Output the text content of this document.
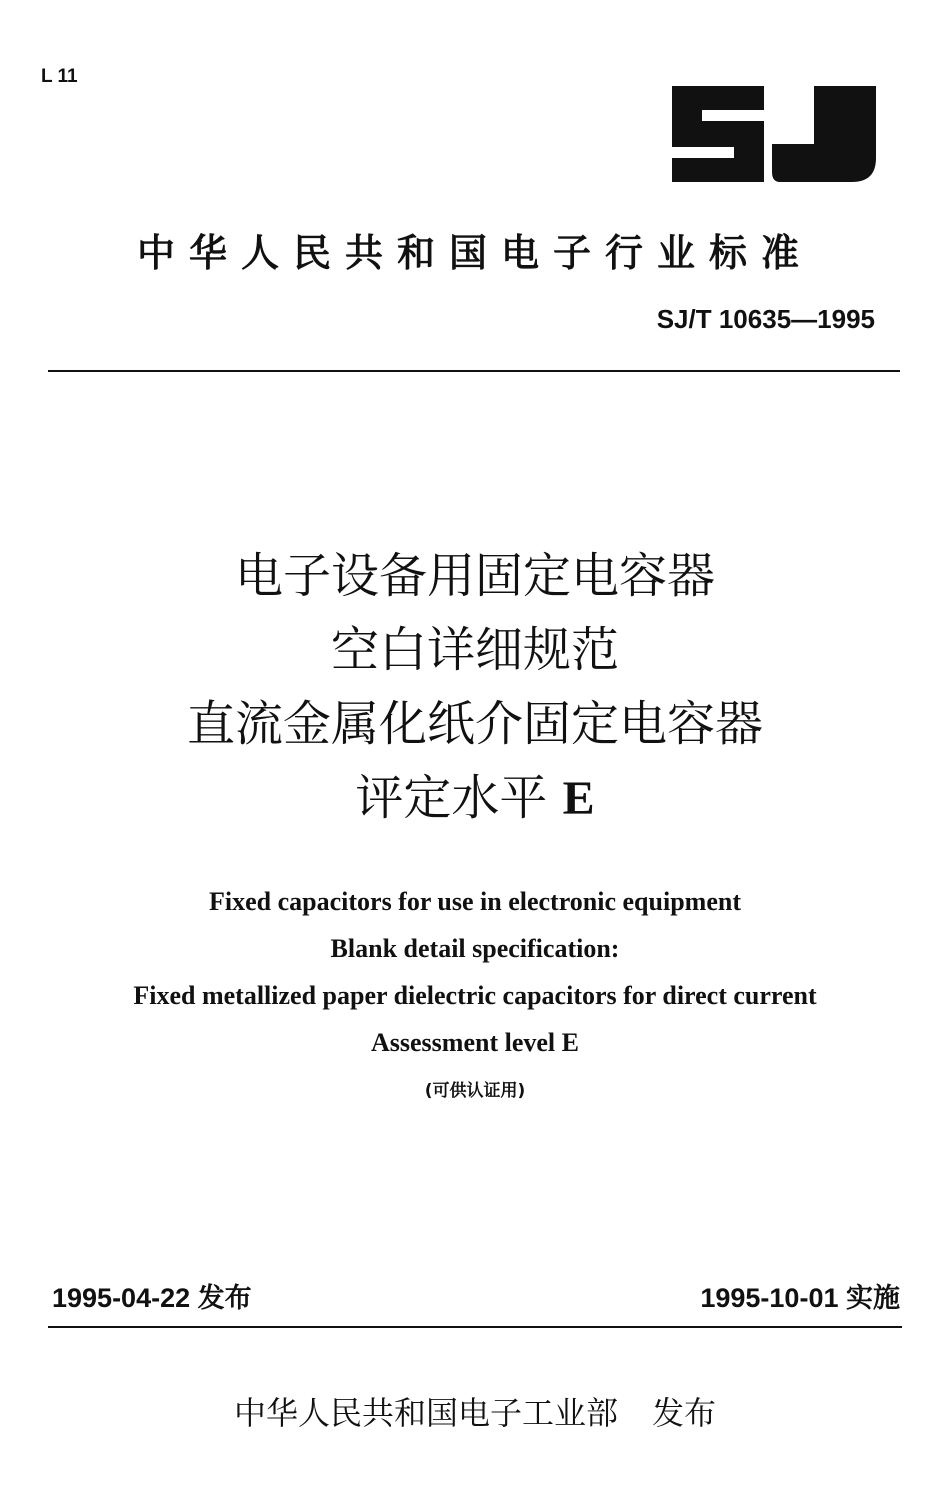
L 11
中华人民共和国电子行业标准
SJ/T 10635—1995
电子设备用固定电容器
空白详细规范
直流金属化纸介固定电容器
评定水平 E
Fixed capacitors for use in electronic equipment
Blank detail specification:
Fixed metallized paper dielectric capacitors for direct current
Assessment level E
(可供认证用)
1995-04-22 发布	1995-10-01 实施
中华人民共和国电子工业部 发布
